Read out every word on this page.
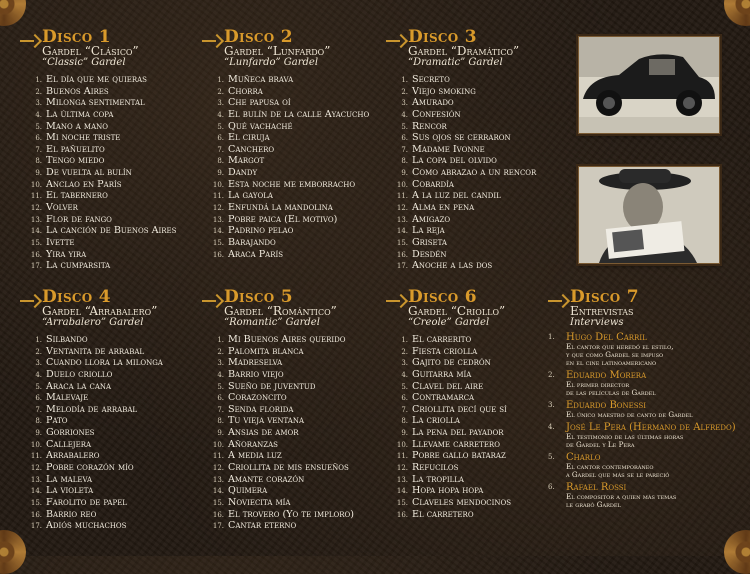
Disco 1
Gardel “Clásico”
“Classic” Gardel
1. El día que me quieras
2. Buenos Aires
3. Milonga sentimental
4. La última copa
5. Mano a mano
6. Mi noche triste
7. El pañuelito
8. Tengo miedo
9. De vuelta al bulín
10. Anclao en París
11. El tabernero
12. Volver
13. Flor de fango
14. La canción de Buenos Aires
15. Ivette
16. Yira yira
17. La cumparsita
Disco 2
Gardel “Lunfardo”
“Lunfardo” Gardel
1. Muñeca brava
2. Chorra
3. Che papusa oí
4. El bulín de la calle Ayacucho
5. Qué vachaché
6. El ciruja
7. Canchero
8. Margot
9. Dandy
10. Esta noche me emborracho
11. La gayola
12. Enfundá la mandolina
13. Pobre paica (El motivo)
14. Padrino pelao
15. Barajando
16. Araca París
Disco 3
Gardel “Dramático”
“Dramatic” Gardel
1. Secreto
2. Viejo smoking
3. Amurado
4. Confesión
5. Rencor
6. Sus ojos se cerraron
7. Madame Ivonne
8. La copa del olvido
9. Como abrazao a un rencor
10. Cobardía
11. A la luz del candil
12. Alma en pena
13. Amigazo
14. La reja
15. Griseta
16. Desdén
17. Anoche a las dos
Disco 4
Gardel “Arrabalero”
“Arrabalero” Gardel
1. Silbando
2. Ventanita de arrabal
3. Cuando llora la milonga
4. Duelo criollo
5. Araca la cana
6. Malevaje
7. Melodía de arrabal
8. Pato
9. Gorriones
10. Callejera
11. Arrabalero
12. Pobre corazón mío
13. La maleva
14. La violeta
15. Farolito de papel
16. Barrio reo
17. Adiós muchachos
Disco 5
Gardel “Romántico”
“Romantic” Gardel
1. Mi Buenos Aires querido
2. Palomita blanca
3. Madreselva
4. Barrio viejo
5. Sueño de juventud
6. Corazoncito
7. Senda florida
8. Tu vieja ventana
9. Ansias de amor
10. Añoranzas
11. A media luz
12. Criollita de mis ensueños
13. Amante corazón
14. Quimera
15. Noviecita mía
16. El trovero (Yo te imploro)
17. Cantar eterno
Disco 6
Gardel “Criollo”
“Creole” Gardel
1. El carrerito
2. Fiesta criolla
3. Gajito de cedrón
4. Guitarra mía
5. Clavel del aire
6. Contramarca
7. Criollita decí que sí
8. La criolla
9. La pena del payador
10. Llevame carretero
11. Pobre gallo bataraz
12. Refucilos
13. La tropilla
14. Hopa hopa hopa
15. Claveles mendocinos
16. El carretero
Disco 7
Entrevistas
Interviews
1.	Hugo Del Carril
El cantor que heredó el estilo,
y que como Gardel se impuso
en el cine latinoamericano
2.	Eduardo Morera
El primer director
de las películas de Gardel
3.	Eduardo Bonessi
El único maestro de canto de Gardel
4.	José Le Pera (Hermano de Alfredo)
El testimonio de las últimas horas
de Gardel y Le Pera
5.	Charlo
El cantor contemporáneo
a Gardel que más se le pareció
6.	Rafael Rossi
El compositor a quien más temas
le grabó Gardel
